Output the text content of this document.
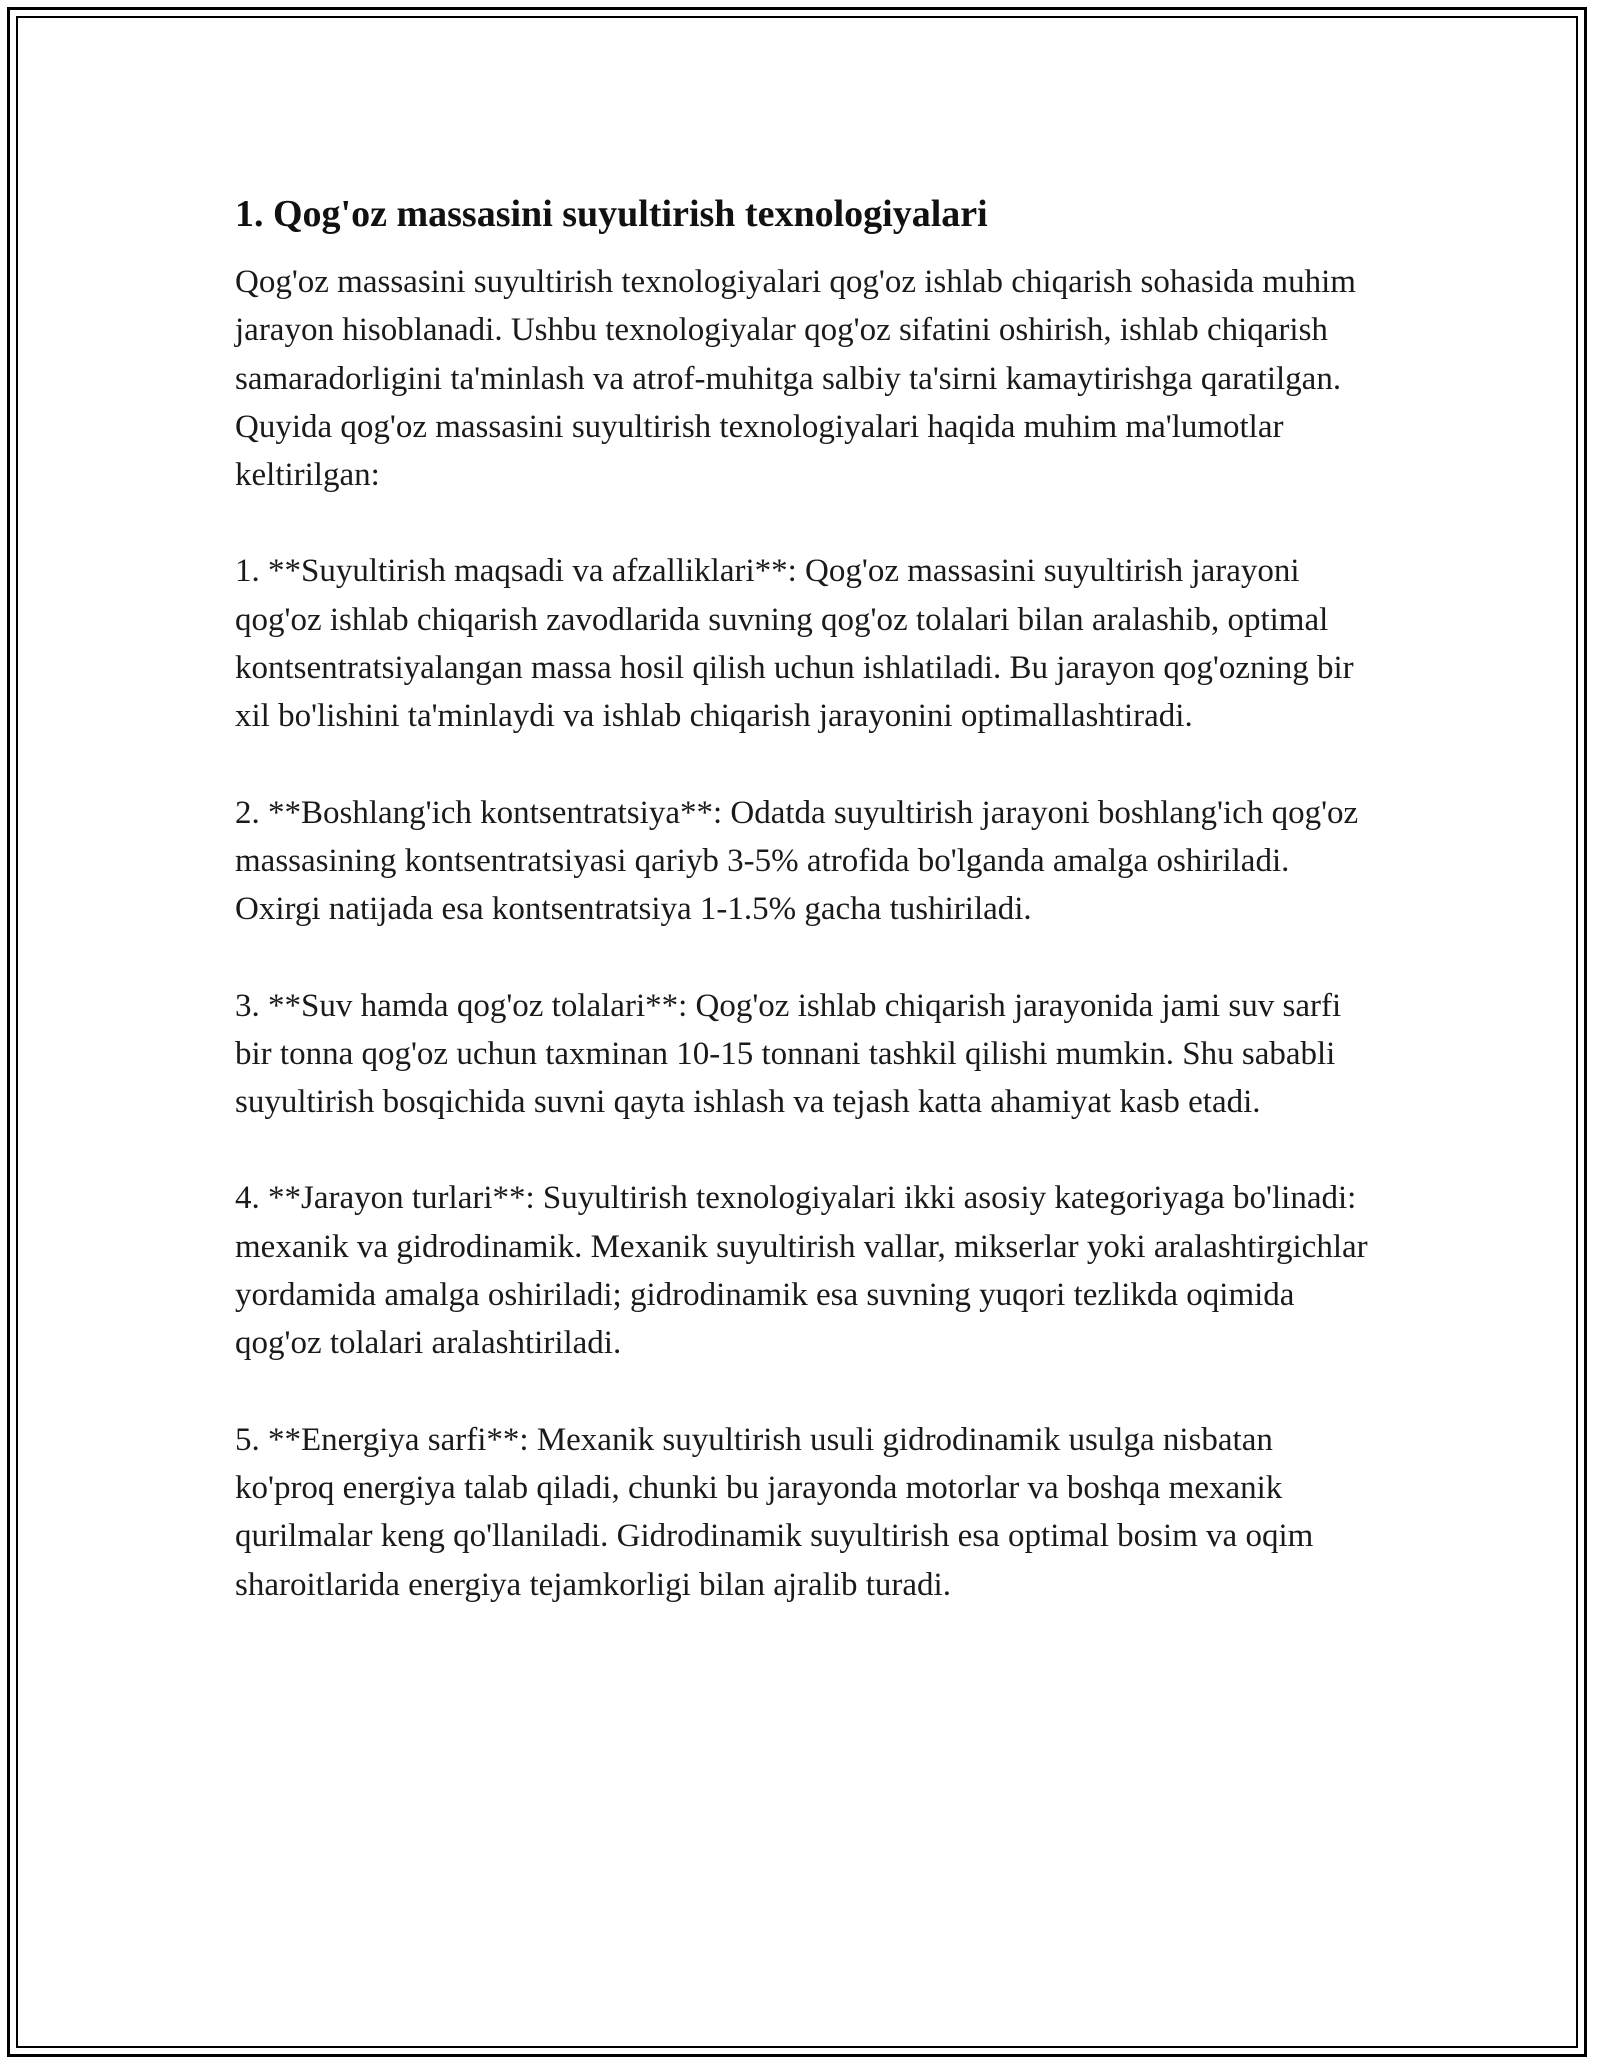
1. Qog'oz massasini suyultirish texnologiyalari

Qog'oz massasini suyultirish texnologiyalari qog'oz ishlab chiqarish sohasida muhim jarayon hisoblanadi. Ushbu texnologiyalar qog'oz sifatini oshirish, ishlab chiqarish samaradorligini ta'minlash va atrof-muhitga salbiy ta'sirni kamaytirishga qaratilgan. Quyida qog'oz massasini suyultirish texnologiyalari haqida muhim ma'lumotlar keltirilgan:

1. **Suyultirish maqsadi va afzalliklari**: Qog'oz massasini suyultirish jarayoni qog'oz ishlab chiqarish zavodlarida suvning qog'oz tolalari bilan aralashib, optimal kontsentratsiyalangan massa hosil qilish uchun ishlatiladi. Bu jarayon qog'ozning bir xil bo'lishini ta'minlaydi va ishlab chiqarish jarayonini optimallashtiradi.

2. **Boshlang'ich kontsentratsiya**: Odatda suyultirish jarayoni boshlang'ich qog'oz massasining kontsentratsiyasi qariyb 3-5% atrofida bo'lganda amalga oshiriladi. Oxirgi natijada esa kontsentratsiya 1-1.5% gacha tushiriladi.

3. **Suv hamda qog'oz tolalari**: Qog'oz ishlab chiqarish jarayonida jami suv sarfi bir tonna qog'oz uchun taxminan 10-15 tonnani tashkil qilishi mumkin. Shu sababli suyultirish bosqichida suvni qayta ishlash va tejash katta ahamiyat kasb etadi.

4. **Jarayon turlari**: Suyultirish texnologiyalari ikki asosiy kategoriyaga bo'linadi: mexanik va gidrodinamik. Mexanik suyultirish vallar, mikserlar yoki aralashtirgichlar yordamida amalga oshiriladi; gidrodinamik esa suvning yuqori tezlikda oqimida qog'oz tolalari aralashtiriladi.

5. **Energiya sarfi**: Mexanik suyultirish usuli gidrodinamik usulga nisbatan ko'proq energiya talab qiladi, chunki bu jarayonda motorlar va boshqa mexanik qurilmalar keng qo'llaniladi. Gidrodinamik suyultirish esa optimal bosim va oqim sharoitlarida energiya tejamkorligi bilan ajralib turadi.
